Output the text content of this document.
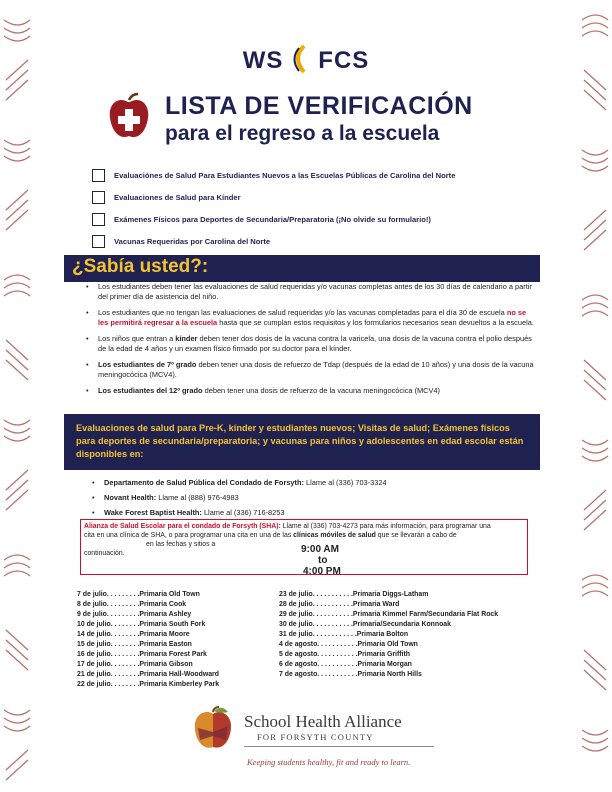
WS FCS
LISTA DE VERIFICACIÓN
para el regreso a la escuela
Evaluaciónes de Salud Para Estudiantes Nuevos a las Escuelas Públicas de Carolina del Norte
Evaluaciones de Salud para Kínder
Exámenes Físicos para Deportes de Secundaria/Preparatoria (¡No olvide su formulario!)
Vacunas Requeridas por Carolina del Norte
¿Sabía usted?:
• Los estudiantes deben tener las evaluaciones de salud requeridas y/o vacunas completas antes de los 30 días de calendario a partir del primer día de asistencia del niño.
• Los estudiantes que no tengan las evaluaciones de salud requeridas y/o las vacunas completadas para el día 30 de escuela no se les permitirá regresar a la escuela hasta que se cumplan estos requisitos y los formularios necesarios sean devueltos a la escuela.
• Los niños que entran a kínder deben tener dos dosis de la vacuna contra la varicela, una dosis de la vacuna contra el polio después de la edad de 4 años y un examen físico firmado por su doctor para el kínder.
• Los estudiantes de 7º grado deben tener una dosis de refuerzo de Tdap (después de la edad de 10 años) y una dosis de la vacuna meningocócica (MCV4).
• Los estudiantes del 12º grado deben tener una dosis de refuerzo de la vacuna meningocócica (MCV4)
Evaluaciones de salud para Pre-K, kínder y estudiantes nuevos; Visitas de salud; Exámenes físicos para deportes de secundaria/preparatoria; y vacunas para niños y adolescentes en edad escolar están disponibles en:
• Departamento de Salud Pública del Condado de Forsyth: Llame al (336) 703-3324
• Novant Health: Llame al (888) 976-4983
• Wake Forest Baptist Health: Llame al (336) 716-8253
Alianza de Salud Escolar para el condado de Forsyth (SHA): Llame al (336) 703-4273 para más información, para programar una cita en una clínica de SHA, o para programar una cita en una de las clínicas móviles de salud que se llevarán a cabo deen las fechas y sitios a
continuación.	9:00 AM
to
4:00 PM
7 de julio . . . . . . . . . Primaria Old Town
8 de julio . . . . . . . . . Primaria Cook
9 de julio . . . . . . . . . Primaria Ashley
10 de julio . . . . . . . . Primaria South Fork
14 de julio . . . . . . . . Primaria Moore
15 de julio . . . . . . . . Primaria Easton
16 de julio . . . . . . . . Primaria Forest Park
17 de julio . . . . . . . . Primaria Gibson
21 de julio . . . . . . . . Primaria Hall-Woodward
22 de julio . . . . . . . . Primaria Kimberley Park
23 de julio . . . . . . . . . . . Primaria Diggs-Latham
28 de julio . . . . . . . . . . . Primaria Ward
29 de julio . . . . . . . . . . . Primaria Kimmel Farm/Secundaria Flat Rock
30 de julio . . . . . . . . . . . Primaria/Secundaria Konnoak
31 de julio . . . . . . . . . . . . Primaria Bolton
4 de agosto . . . . . . . . . . . Primaria Old Town
5 de agosto . . . . . . . . . . . Primaria Griffith
6 de agosto . . . . . . . . . . . Primaria Morgan
7 de agosto . . . . . . . . . . . Primaria North Hills
School Health Alliance
FOR FORSYTH COUNTY
Keeping students healthy, fit and ready to learn.
